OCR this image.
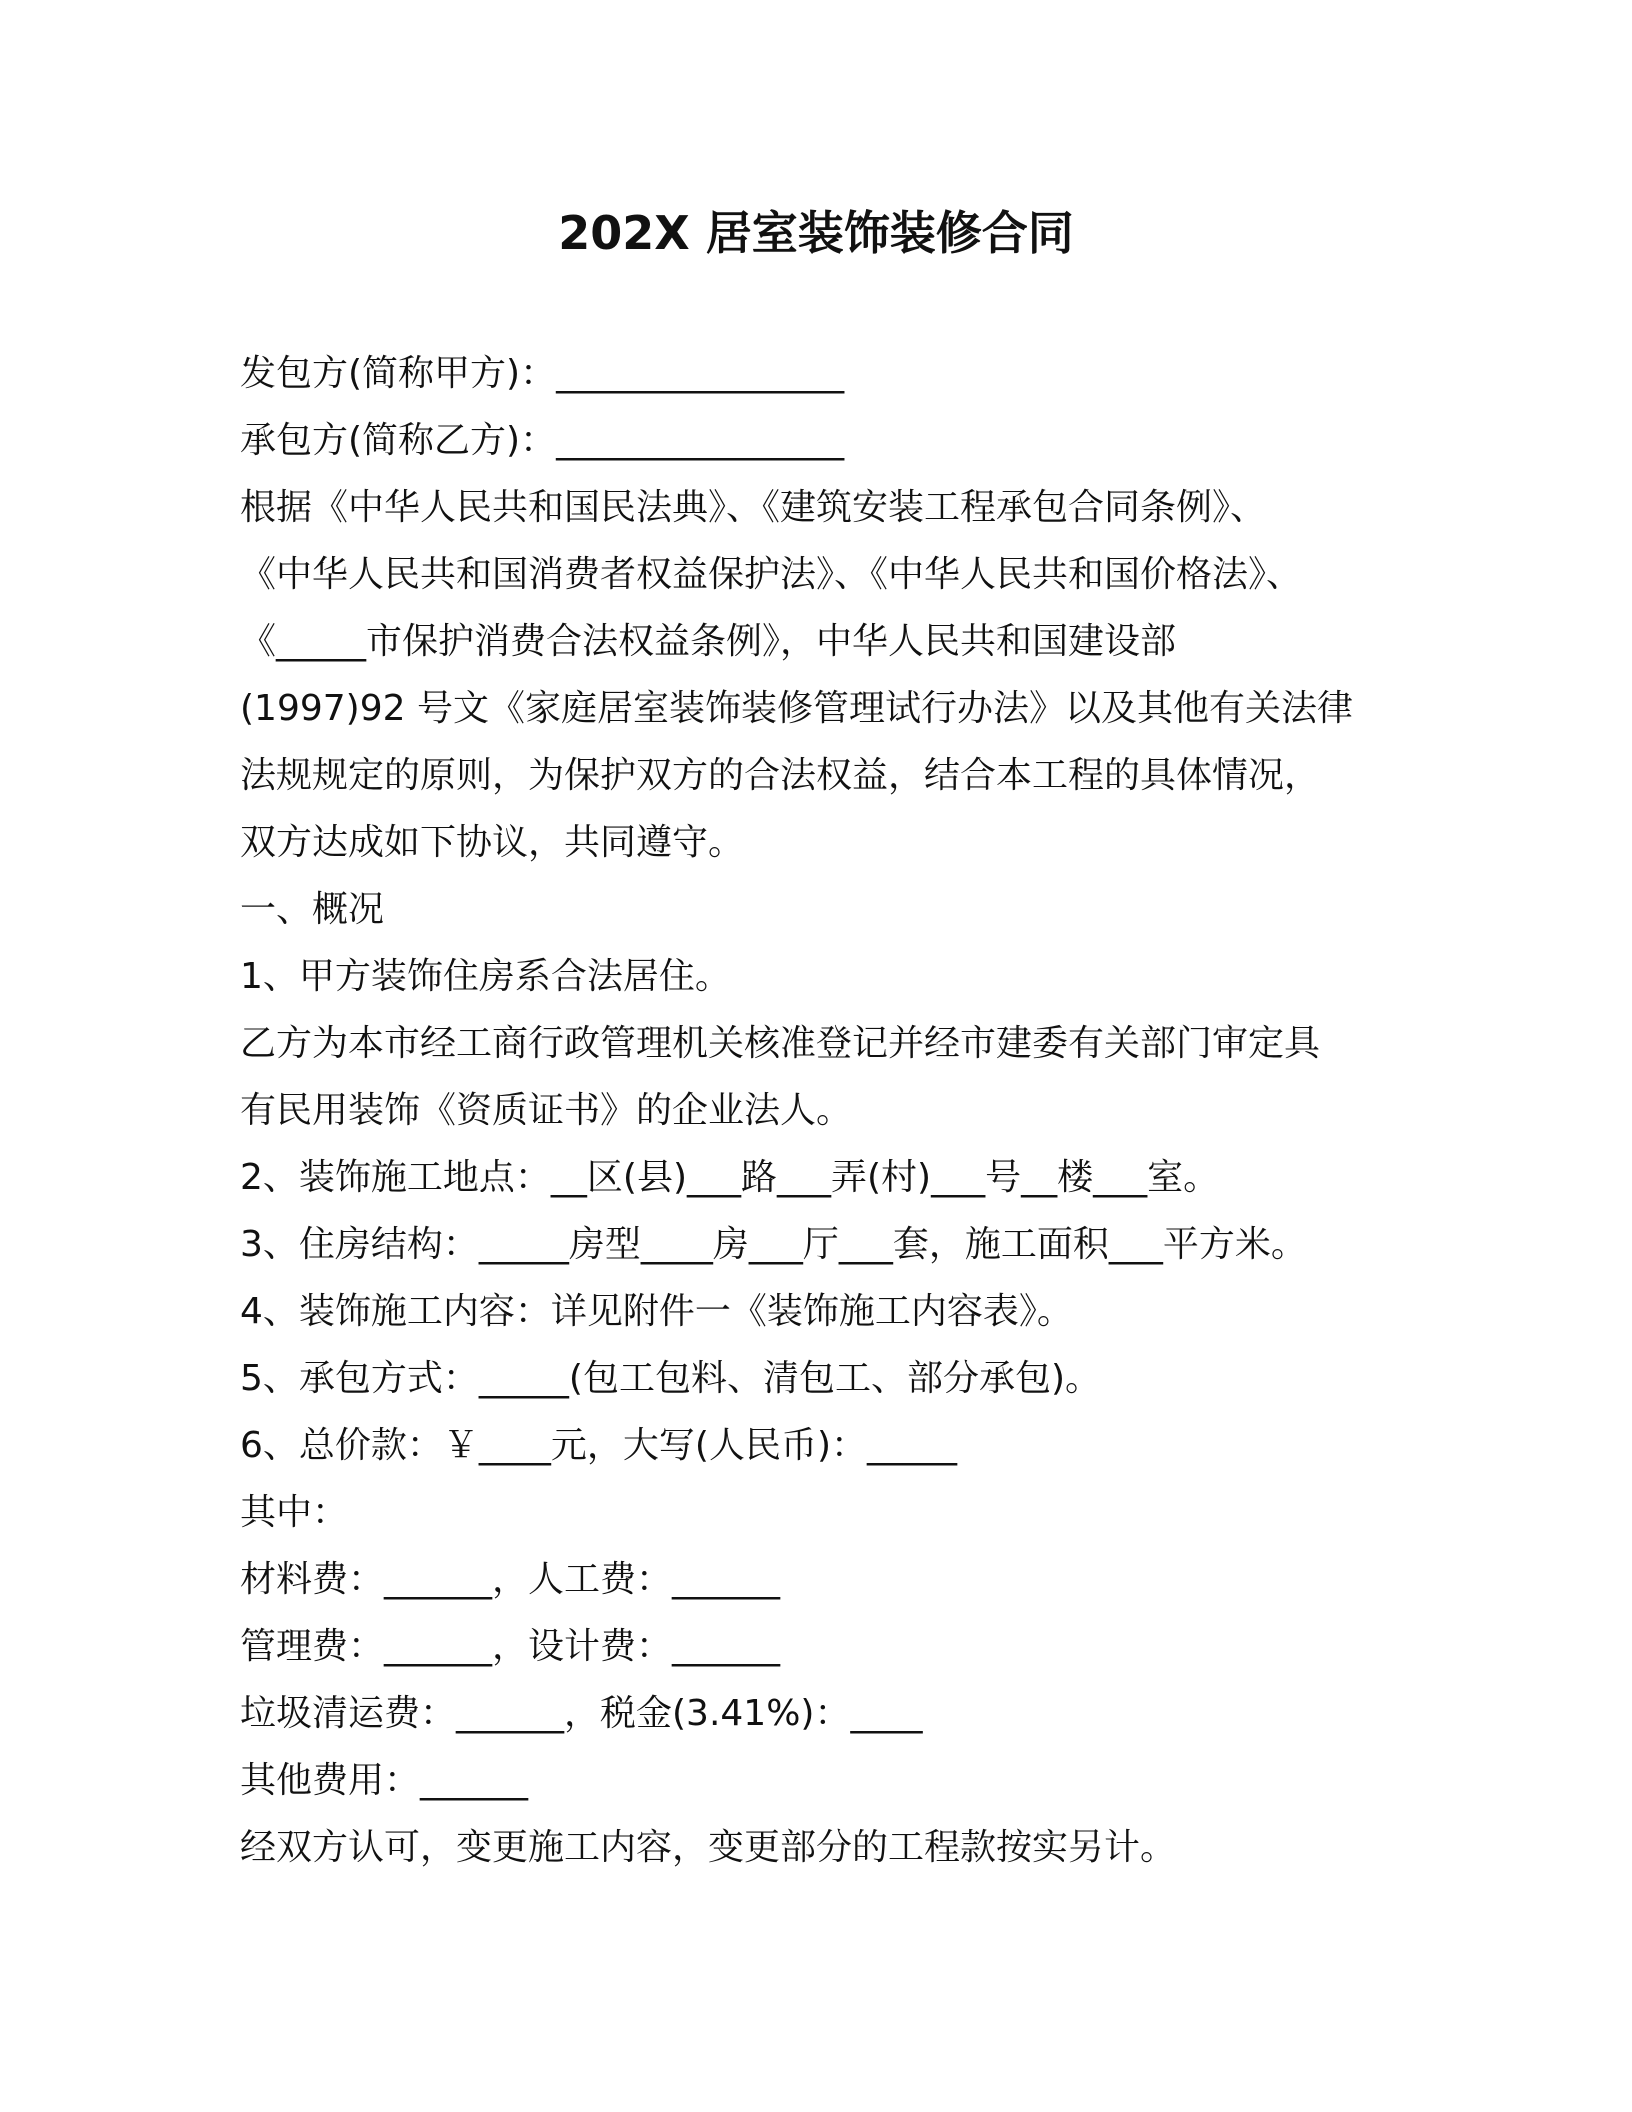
202X 居室装饰装修合同
发包方(简称甲方)：________________
承包方(简称乙方)：________________
根据《中华人民共和国民法典》、《建筑安装工程承包合同条例》、
《中华人民共和国消费者权益保护法》、《中华人民共和国价格法》、
《_____市保护消费合法权益条例》，中华人民共和国建设部
(1997)92 号文《家庭居室装饰装修管理试行办法》以及其他有关法律
法规规定的原则，为保护双方的合法权益，结合本工程的具体情况，
双方达成如下协议，共同遵守。
一、概况
1、甲方装饰住房系合法居住。
乙方为本市经工商行政管理机关核准登记并经市建委有关部门审定具
有民用装饰《资质证书》的企业法人。
2、装饰施工地点：__区(县)___路___弄(村)___号__楼___室。
3、住房结构：_____房型____房___厅___套，施工面积___平方米。
4、装饰施工内容：详见附件一《装饰施工内容表》。
5、承包方式：_____(包工包料、清包工、部分承包)。
6、总价款：￥____元，大写(人民币)：_____
其中：
材料费：______，人工费：______
管理费：______，设计费：______
垃圾清运费：______，税金(3.41%)：____
其他费用：______
经双方认可，变更施工内容，变更部分的工程款按实另计。
